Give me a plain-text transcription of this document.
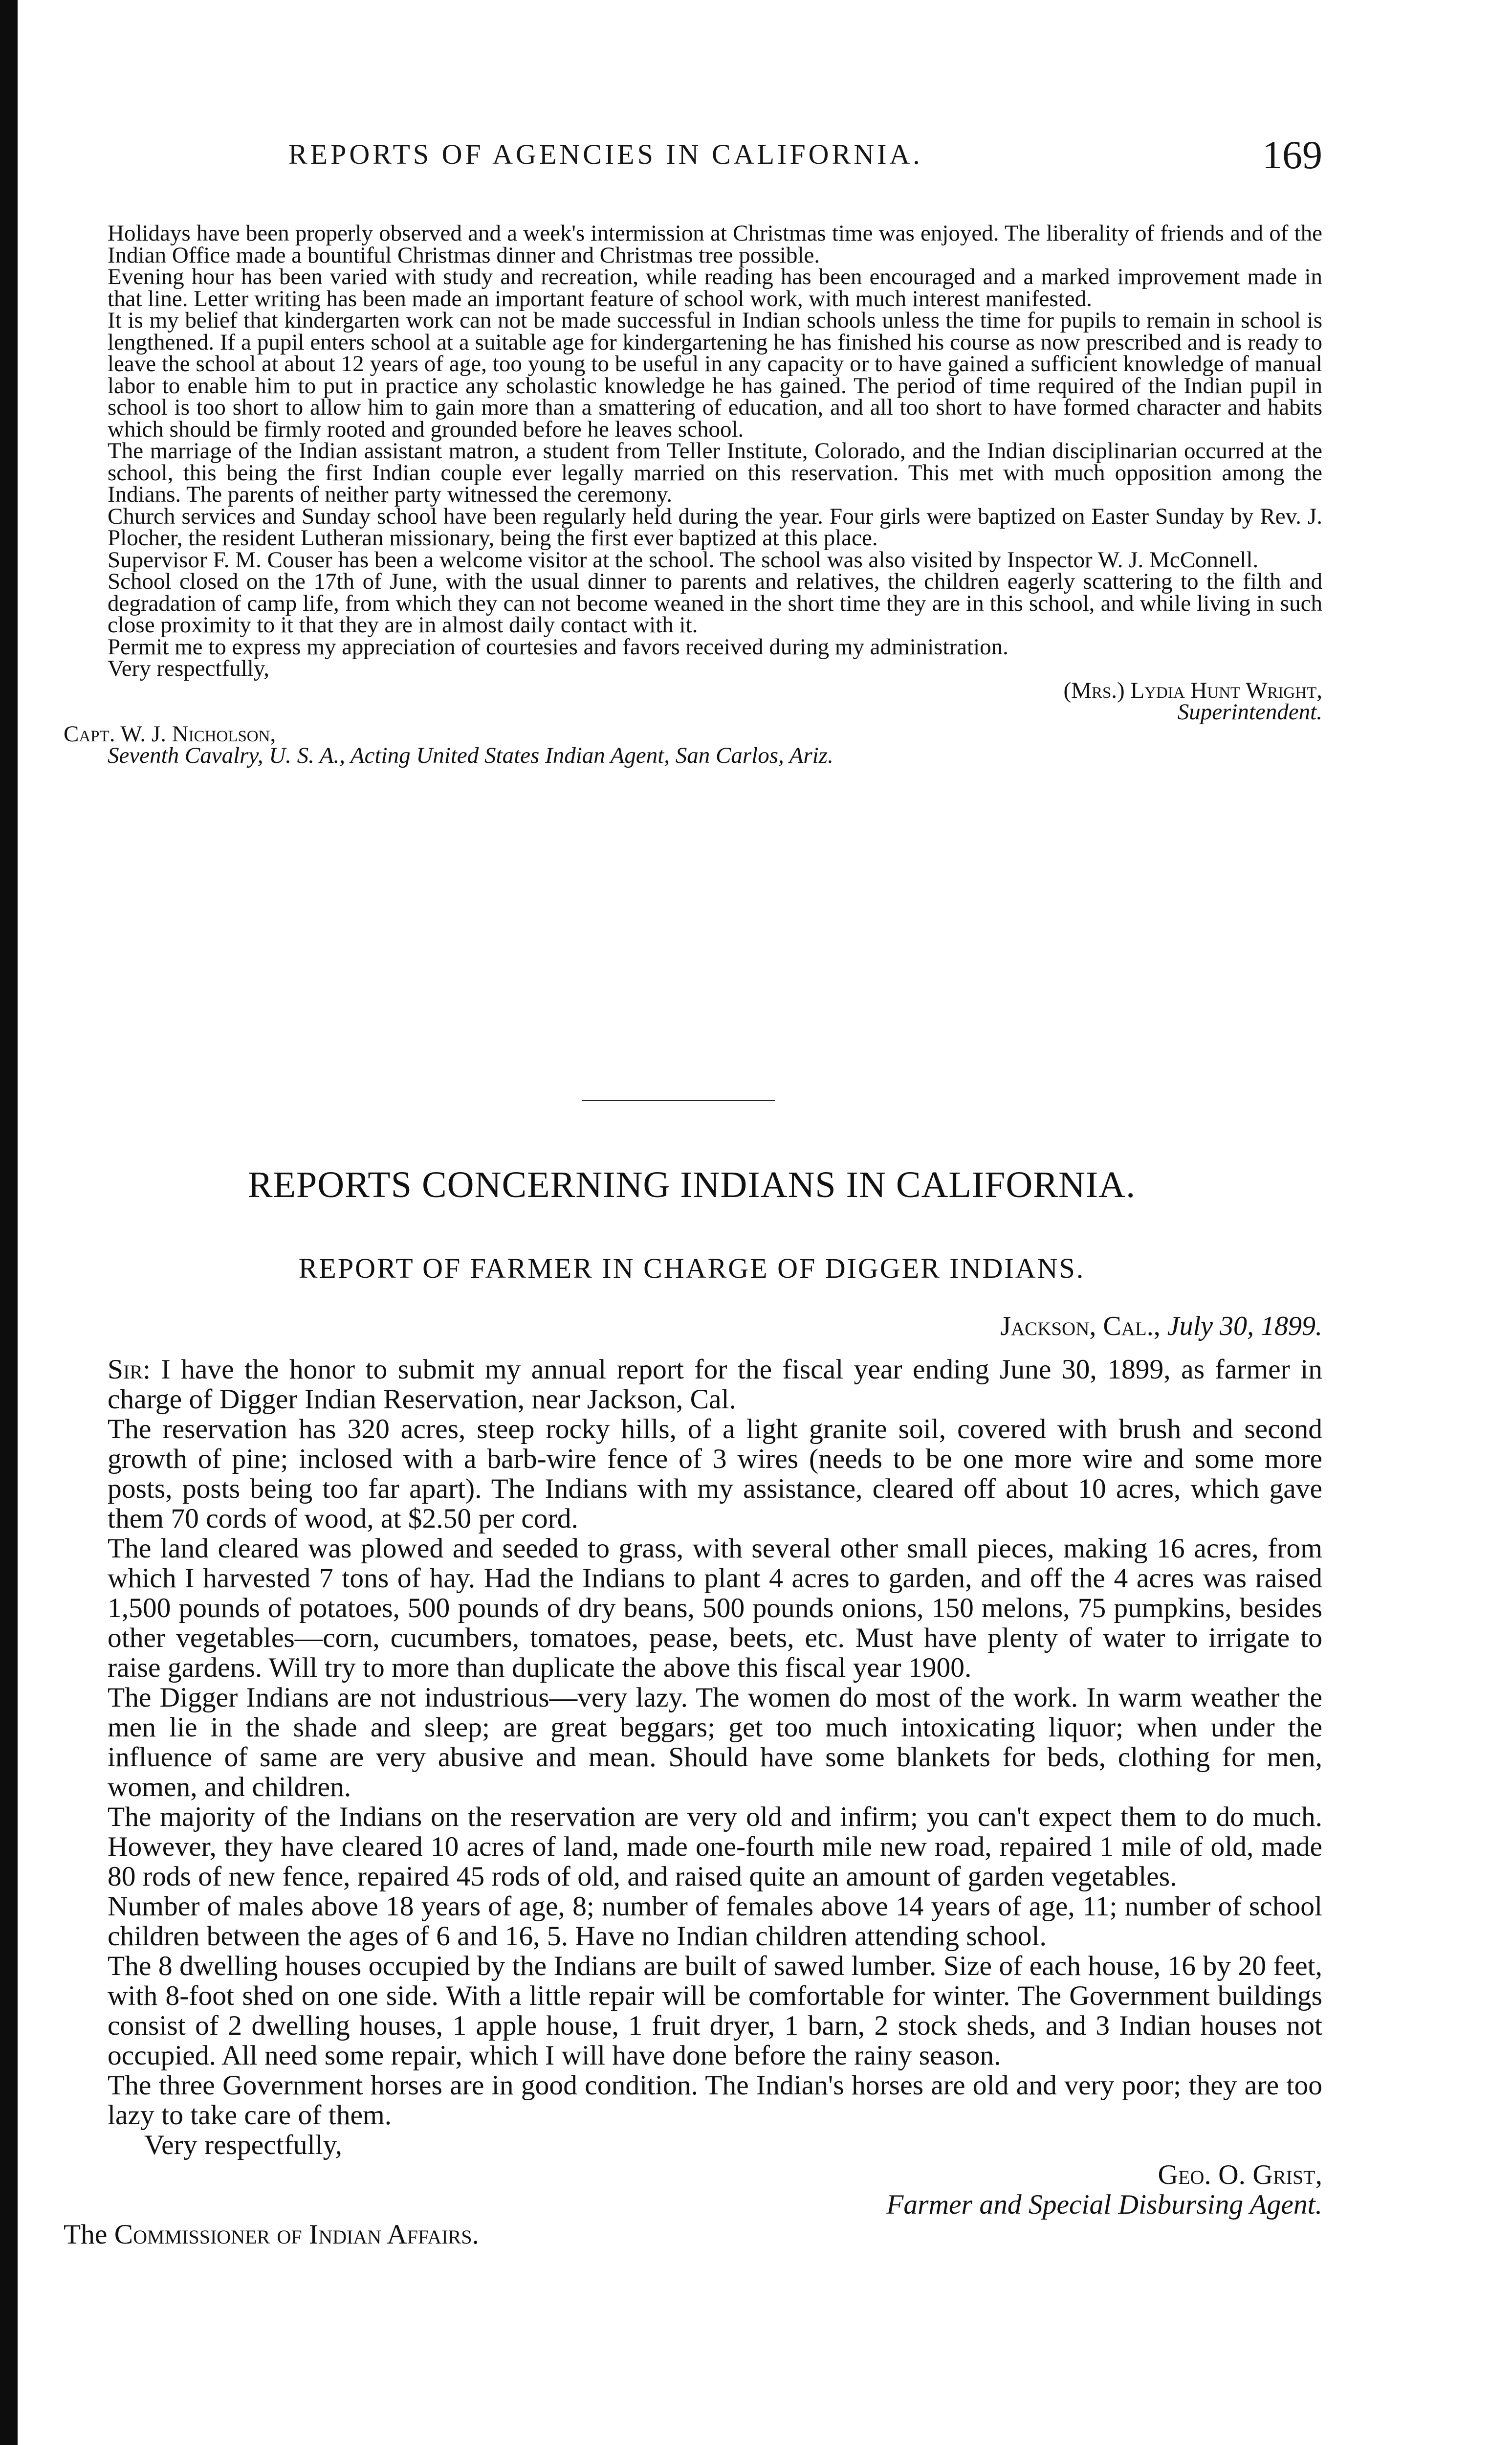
REPORTS OF AGENCIES IN CALIFORNIA.	169

Holidays have been properly observed and a week's intermission at Christmas time was enjoyed. The liberality of friends and of the Indian Office made a bountiful Christmas dinner and Christmas tree possible.

Evening hour has been varied with study and recreation, while reading has been encouraged and a marked improvement made in that line. Letter writing has been made an important feature of school work, with much interest manifested.

It is my belief that kindergarten work can not be made successful in Indian schools unless the time for pupils to remain in school is lengthened. If a pupil enters school at a suitable age for kindergartening he has finished his course as now prescribed and is ready to leave the school at about 12 years of age, too young to be useful in any capacity or to have gained a sufficient knowledge of manual labor to enable him to put in practice any scholastic knowledge he has gained. The period of time required of the Indian pupil in school is too short to allow him to gain more than a smattering of education, and all too short to have formed character and habits which should be firmly rooted and grounded before he leaves school.

The marriage of the Indian assistant matron, a student from Teller Institute, Colorado, and the Indian disciplinarian occurred at the school, this being the first Indian couple ever legally married on this reservation. This met with much opposition among the Indians. The parents of neither party witnessed the ceremony.

Church services and Sunday school have been regularly held during the year. Four girls were baptized on Easter Sunday by Rev. J. Plocher, the resident Lutheran missionary, being the first ever baptized at this place.

Supervisor F. M. Couser has been a welcome visitor at the school. The school was also visited by Inspector W. J. McConnell.

School closed on the 17th of June, with the usual dinner to parents and relatives, the children eagerly scattering to the filth and degradation of camp life, from which they can not become weaned in the short time they are in this school, and while living in such close proximity to it that they are in almost daily contact with it.

Permit me to express my appreciation of courtesies and favors received during my administration.

Very respectfully,

(Mrs.) Lydia Hunt Wright,

Superintendent.

Capt. W. J. Nicholson,

Seventh Cavalry, U. S. A., Acting United States Indian Agent, San Carlos, Ariz.

REPORTS CONCERNING INDIANS IN CALIFORNIA.
REPORT OF FARMER IN CHARGE OF DIGGER INDIANS.
Jackson, Cal., July 30, 1899.

Sir: I have the honor to submit my annual report for the fiscal year ending June 30, 1899, as farmer in charge of Digger Indian Reservation, near Jackson, Cal.

The reservation has 320 acres, steep rocky hills, of a light granite soil, covered with brush and second growth of pine; inclosed with a barb-wire fence of 3 wires (needs to be one more wire and some more posts, posts being too far apart). The Indians with my assistance, cleared off about 10 acres, which gave them 70 cords of wood, at $2.50 per cord.

The land cleared was plowed and seeded to grass, with several other small pieces, making 16 acres, from which I harvested 7 tons of hay. Had the Indians to plant 4 acres to garden, and off the 4 acres was raised 1,500 pounds of potatoes, 500 pounds of dry beans, 500 pounds onions, 150 melons, 75 pumpkins, besides other vegetables—corn, cucumbers, tomatoes, pease, beets, etc. Must have plenty of water to irrigate to raise gardens. Will try to more than duplicate the above this fiscal year 1900.

The Digger Indians are not industrious—very lazy. The women do most of the work. In warm weather the men lie in the shade and sleep; are great beggars; get too much intoxicating liquor; when under the influence of same are very abusive and mean. Should have some blankets for beds, clothing for men, women, and children.

The majority of the Indians on the reservation are very old and infirm; you can't expect them to do much. However, they have cleared 10 acres of land, made one-fourth mile new road, repaired 1 mile of old, made 80 rods of new fence, repaired 45 rods of old, and raised quite an amount of garden vegetables.

Number of males above 18 years of age, 8; number of females above 14 years of age, 11; number of school children between the ages of 6 and 16, 5. Have no Indian children attending school.

The 8 dwelling houses occupied by the Indians are built of sawed lumber. Size of each house, 16 by 20 feet, with 8-foot shed on one side. With a little repair will be comfortable for winter. The Government buildings consist of 2 dwelling houses, 1 apple house, 1 fruit dryer, 1 barn, 2 stock sheds, and 3 Indian houses not occupied. All need some repair, which I will have done before the rainy season.

The three Government horses are in good condition. The Indian's horses are old and very poor; they are too lazy to take care of them.

Very respectfully,

Geo. O. Grist,

Farmer and Special Disbursing Agent.

The Commissioner of Indian Affairs.
